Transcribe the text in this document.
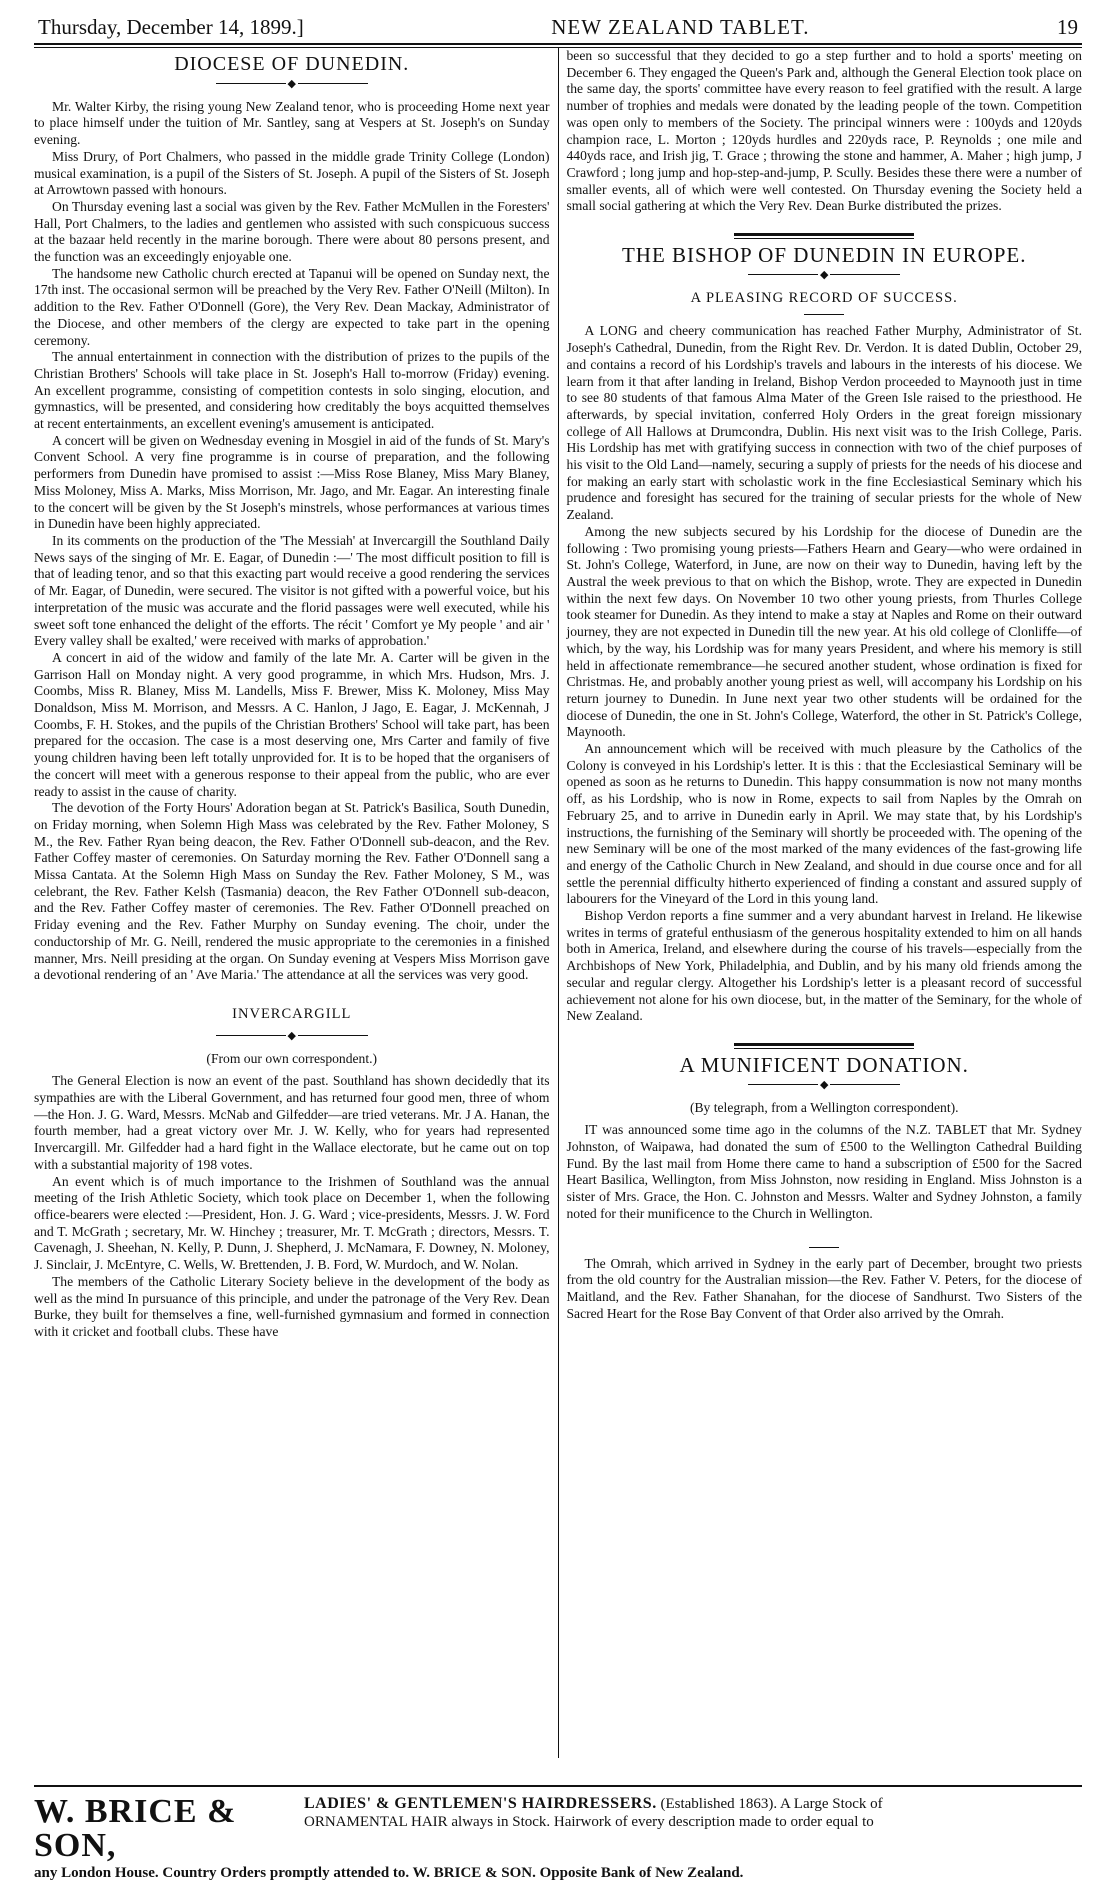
Thursday, December 14, 1899.]	NEW ZEALAND TABLET.	19
DIOCESE OF DUNEDIN.
◆

Mr. Walter Kirby, the rising young New Zealand tenor, who is proceeding Home next year to place himself under the tuition of Mr. Santley, sang at Vespers at St. Joseph's on Sunday evening.

Miss Drury, of Port Chalmers, who passed in the middle grade Trinity College (London) musical examination, is a pupil of the Sisters of St. Joseph. A pupil of the Sisters of St. Joseph at Arrowtown passed with honours.

On Thursday evening last a social was given by the Rev. Father McMullen in the Foresters' Hall, Port Chalmers, to the ladies and gentlemen who assisted with such conspicuous success at the bazaar held recently in the marine borough. There were about 80 persons present, and the function was an exceedingly enjoyable one.

The handsome new Catholic church erected at Tapanui will be opened on Sunday next, the 17th inst. The occasional sermon will be preached by the Very Rev. Father O'Neill (Milton). In addition to the Rev. Father O'Donnell (Gore), the Very Rev. Dean Mackay, Administrator of the Diocese, and other members of the clergy are expected to take part in the opening ceremony.

The annual entertainment in connection with the distribution of prizes to the pupils of the Christian Brothers' Schools will take place in St. Joseph's Hall to-morrow (Friday) evening. An excellent programme, consisting of competition contests in solo singing, elocution, and gymnastics, will be presented, and considering how creditably the boys acquitted themselves at recent entertainments, an excellent evening's amusement is anticipated.

A concert will be given on Wednesday evening in Mosgiel in aid of the funds of St. Mary's Convent School. A very fine programme is in course of preparation, and the following performers from Dunedin have promised to assist :—Miss Rose Blaney, Miss Mary Blaney, Miss Moloney, Miss A. Marks, Miss Morrison, Mr. Jago, and Mr. Eagar. An interesting finale to the concert will be given by the St Joseph's minstrels, whose performances at various times in Dunedin have been highly appreciated.

In its comments on the production of the 'The Messiah' at Invercargill the Southland Daily News says of the singing of Mr. E. Eagar, of Dunedin :—' The most difficult position to fill is that of leading tenor, and so that this exacting part would receive a good rendering the services of Mr. Eagar, of Dunedin, were secured. The visitor is not gifted with a powerful voice, but his interpretation of the music was accurate and the florid passages were well executed, while his sweet soft tone enhanced the delight of the efforts. The récit ' Comfort ye My people ' and air ' Every valley shall be exalted,' were received with marks of approbation.'

A concert in aid of the widow and family of the late Mr. A. Carter will be given in the Garrison Hall on Monday night. A very good programme, in which Mrs. Hudson, Mrs. J. Coombs, Miss R. Blaney, Miss M. Landells, Miss F. Brewer, Miss K. Moloney, Miss May Donaldson, Miss M. Morrison, and Messrs. A C. Hanlon, J Jago, E. Eagar, J. McKennah, J Coombs, F. H. Stokes, and the pupils of the Christian Brothers' School will take part, has been prepared for the occasion. The case is a most deserving one, Mrs Carter and family of five young children having been left totally unprovided for. It is to be hoped that the organisers of the concert will meet with a generous response to their appeal from the public, who are ever ready to assist in the cause of charity.

The devotion of the Forty Hours' Adoration began at St. Patrick's Basilica, South Dunedin, on Friday morning, when Solemn High Mass was celebrated by the Rev. Father Moloney, S M., the Rev. Father Ryan being deacon, the Rev. Father O'Donnell sub-deacon, and the Rev. Father Coffey master of ceremonies. On Saturday morning the Rev. Father O'Donnell sang a Missa Cantata. At the Solemn High Mass on Sunday the Rev. Father Moloney, S M., was celebrant, the Rev. Father Kelsh (Tasmania) deacon, the Rev Father O'Donnell sub-deacon, and the Rev. Father Coffey master of ceremonies. The Rev. Father O'Donnell preached on Friday evening and the Rev. Father Murphy on Sunday evening. The choir, under the conductorship of Mr. G. Neill, rendered the music appropriate to the ceremonies in a finished manner, Mrs. Neill presiding at the organ. On Sunday evening at Vespers Miss Morrison gave a devotional rendering of an ' Ave Maria.' The attendance at all the services was very good.

INVERCARGILL
◆

(From our own correspondent.)

The General Election is now an event of the past. Southland has shown decidedly that its sympathies are with the Liberal Government, and has returned four good men, three of whom—the Hon. J. G. Ward, Messrs. McNab and Gilfedder—are tried veterans. Mr. J A. Hanan, the fourth member, had a great victory over Mr. J. W. Kelly, who for years had represented Invercargill. Mr. Gilfedder had a hard fight in the Wallace electorate, but he came out on top with a substantial majority of 198 votes.

An event which is of much importance to the Irishmen of Southland was the annual meeting of the Irish Athletic Society, which took place on December 1, when the following office-bearers were elected :—President, Hon. J. G. Ward ; vice-presidents, Messrs. J. W. Ford and T. McGrath ; secretary, Mr. W. Hinchey ; treasurer, Mr. T. McGrath ; directors, Messrs. T. Cavenagh, J. Sheehan, N. Kelly, P. Dunn, J. Shepherd, J. McNamara, F. Downey, N. Moloney, J. Sinclair, J. McEntyre, C. Wells, W. Brettenden, J. B. Ford, W. Murdoch, and W. Nolan.

The members of the Catholic Literary Society believe in the development of the body as well as the mind In pursuance of this principle, and under the patronage of the Very Rev. Dean Burke, they built for themselves a fine, well-furnished gymnasium and formed in connection with it cricket and football clubs. These have

been so successful that they decided to go a step further and to hold a sports' meeting on December 6. They engaged the Queen's Park and, although the General Election took place on the same day, the sports' committee have every reason to feel gratified with the result. A large number of trophies and medals were donated by the leading people of the town. Competition was open only to members of the Society. The principal winners were : 100yds and 120yds champion race, L. Morton ; 120yds hurdles and 220yds race, P. Reynolds ; one mile and 440yds race, and Irish jig, T. Grace ; throwing the stone and hammer, A. Maher ; high jump, J Crawford ; long jump and hop-step-and-jump, P. Scully. Besides these there were a number of smaller events, all of which were well contested. On Thursday evening the Society held a small social gathering at which the Very Rev. Dean Burke distributed the prizes.

THE BISHOP OF DUNEDIN IN EUROPE.
◆
A PLEASING RECORD OF SUCCESS.

A LONG and cheery communication has reached Father Murphy, Administrator of St. Joseph's Cathedral, Dunedin, from the Right Rev. Dr. Verdon. It is dated Dublin, October 29, and contains a record of his Lordship's travels and labours in the interests of his diocese. We learn from it that after landing in Ireland, Bishop Verdon proceeded to Maynooth just in time to see 80 students of that famous Alma Mater of the Green Isle raised to the priesthood. He afterwards, by special invitation, conferred Holy Orders in the great foreign missionary college of All Hallows at Drumcondra, Dublin. His next visit was to the Irish College, Paris. His Lordship has met with gratifying success in connection with two of the chief purposes of his visit to the Old Land—namely, securing a supply of priests for the needs of his diocese and for making an early start with scholastic work in the fine Ecclesiastical Seminary which his prudence and foresight has secured for the training of secular priests for the whole of New Zealand.

Among the new subjects secured by his Lordship for the diocese of Dunedin are the following : Two promising young priests—Fathers Hearn and Geary—who were ordained in St. John's College, Waterford, in June, are now on their way to Dunedin, having left by the Austral the week previous to that on which the Bishop, wrote. They are expected in Dunedin within the next few days. On November 10 two other young priests, from Thurles College took steamer for Dunedin. As they intend to make a stay at Naples and Rome on their outward journey, they are not expected in Dunedin till the new year. At his old college of Clonliffe—of which, by the way, his Lordship was for many years President, and where his memory is still held in affectionate remembrance—he secured another student, whose ordination is fixed for Christmas. He, and probably another young priest as well, will accompany his Lordship on his return journey to Dunedin. In June next year two other students will be ordained for the diocese of Dunedin, the one in St. John's College, Waterford, the other in St. Patrick's College, Maynooth.

An announcement which will be received with much pleasure by the Catholics of the Colony is conveyed in his Lordship's letter. It is this : that the Ecclesiastical Seminary will be opened as soon as he returns to Dunedin. This happy consummation is now not many months off, as his Lordship, who is now in Rome, expects to sail from Naples by the Omrah on February 25, and to arrive in Dunedin early in April. We may state that, by his Lordship's instructions, the furnishing of the Seminary will shortly be proceeded with. The opening of the new Seminary will be one of the most marked of the many evidences of the fast-growing life and energy of the Catholic Church in New Zealand, and should in due course once and for all settle the perennial difficulty hitherto experienced of finding a constant and assured supply of labourers for the Vineyard of the Lord in this young land.

Bishop Verdon reports a fine summer and a very abundant harvest in Ireland. He likewise writes in terms of grateful enthusiasm of the generous hospitality extended to him on all hands both in America, Ireland, and elsewhere during the course of his travels—especially from the Archbishops of New York, Philadelphia, and Dublin, and by his many old friends among the secular and regular clergy. Altogether his Lordship's letter is a pleasant record of successful achievement not alone for his own diocese, but, in the matter of the Seminary, for the whole of New Zealand.

A MUNIFICENT DONATION.
◆

(By telegraph, from a Wellington correspondent).

IT was announced some time ago in the columns of the N.Z. TABLET that Mr. Sydney Johnston, of Waipawa, had donated the sum of £500 to the Wellington Cathedral Building Fund. By the last mail from Home there came to hand a subscription of £500 for the Sacred Heart Basilica, Wellington, from Miss Johnston, now residing in England. Miss Johnston is a sister of Mrs. Grace, the Hon. C. Johnston and Messrs. Walter and Sydney Johnston, a family noted for their munificence to the Church in Wellington.

The Omrah, which arrived in Sydney in the early part of December, brought two priests from the old country for the Australian mission—the Rev. Father V. Peters, for the diocese of Maitland, and the Rev. Father Shanahan, for the diocese of Sandhurst. Two Sisters of the Sacred Heart for the Rose Bay Convent of that Order also arrived by the Omrah.

W. BRICE & SON,
LADIES' & GENTLEMEN'S HAIRDRESSERS. (Established 1863). A Large Stock of
ORNAMENTAL HAIR always in Stock. Hairwork of every description made to order equal to
any London House. Country Orders promptly attended to. W. BRICE & SON. Opposite Bank of New Zealand.
